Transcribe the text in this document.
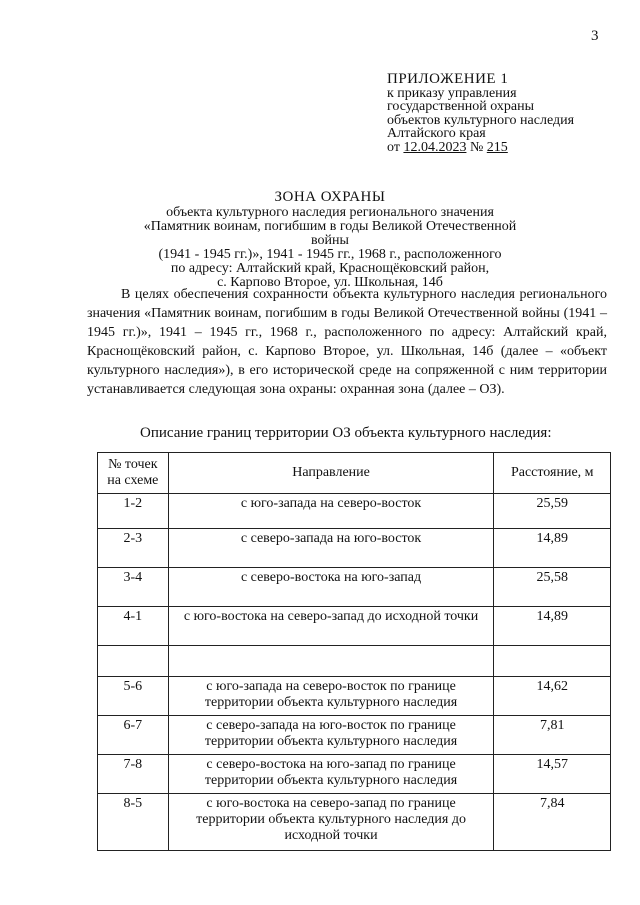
3
ПРИЛОЖЕНИЕ 1
к приказу управления
государственной охраны
объектов культурного наследия
Алтайского края
от 12.04.2023 № 215
ЗОНА ОХРАНЫ
объекта культурного наследия регионального значения
«Памятник воинам, погибшим в годы Великой Отечественной войны
(1941 - 1945 гг.)», 1941 - 1945 гг., 1968 г., расположенного
по адресу: Алтайский край, Краснощёковский район,
с. Карпово Второе, ул. Школьная, 14б
В целях обеспечения сохранности объекта культурного наследия регионального значения «Памятник воинам, погибшим в годы Великой Отечественной войны (1941 – 1945 гг.)», 1941 – 1945 гг., 1968 г., расположенного по адресу: Алтайский край, Краснощёковский район, с. Карпово Второе, ул. Школьная, 14б (далее – «объект культурного наследия»), в его исторической среде на сопряженной с ним территории устанавливается следующая зона охраны: охранная зона (далее – ОЗ).
Описание границ территории ОЗ объекта культурного наследия:
№ точек на схеме	Направление	Расстояние, м
1-2	с юго-запада на северо-восток	25,59
2-3	с северо-запада на юго-восток	14,89
3-4	с северо-востока на юго-запад	25,58
4-1	с юго-востока на северо-запад до исходной точки	14,89

5-6	с юго-запада на северо-восток по границе территории объекта культурного наследия	14,62
6-7	с северо-запада на юго-восток по границе территории объекта культурного наследия	7,81
7-8	с северо-востока на юго-запад по границе территории объекта культурного наследия	14,57
8-5	с юго-востока на северо-запад по границе территории объекта культурного наследия до исходной точки	7,84
